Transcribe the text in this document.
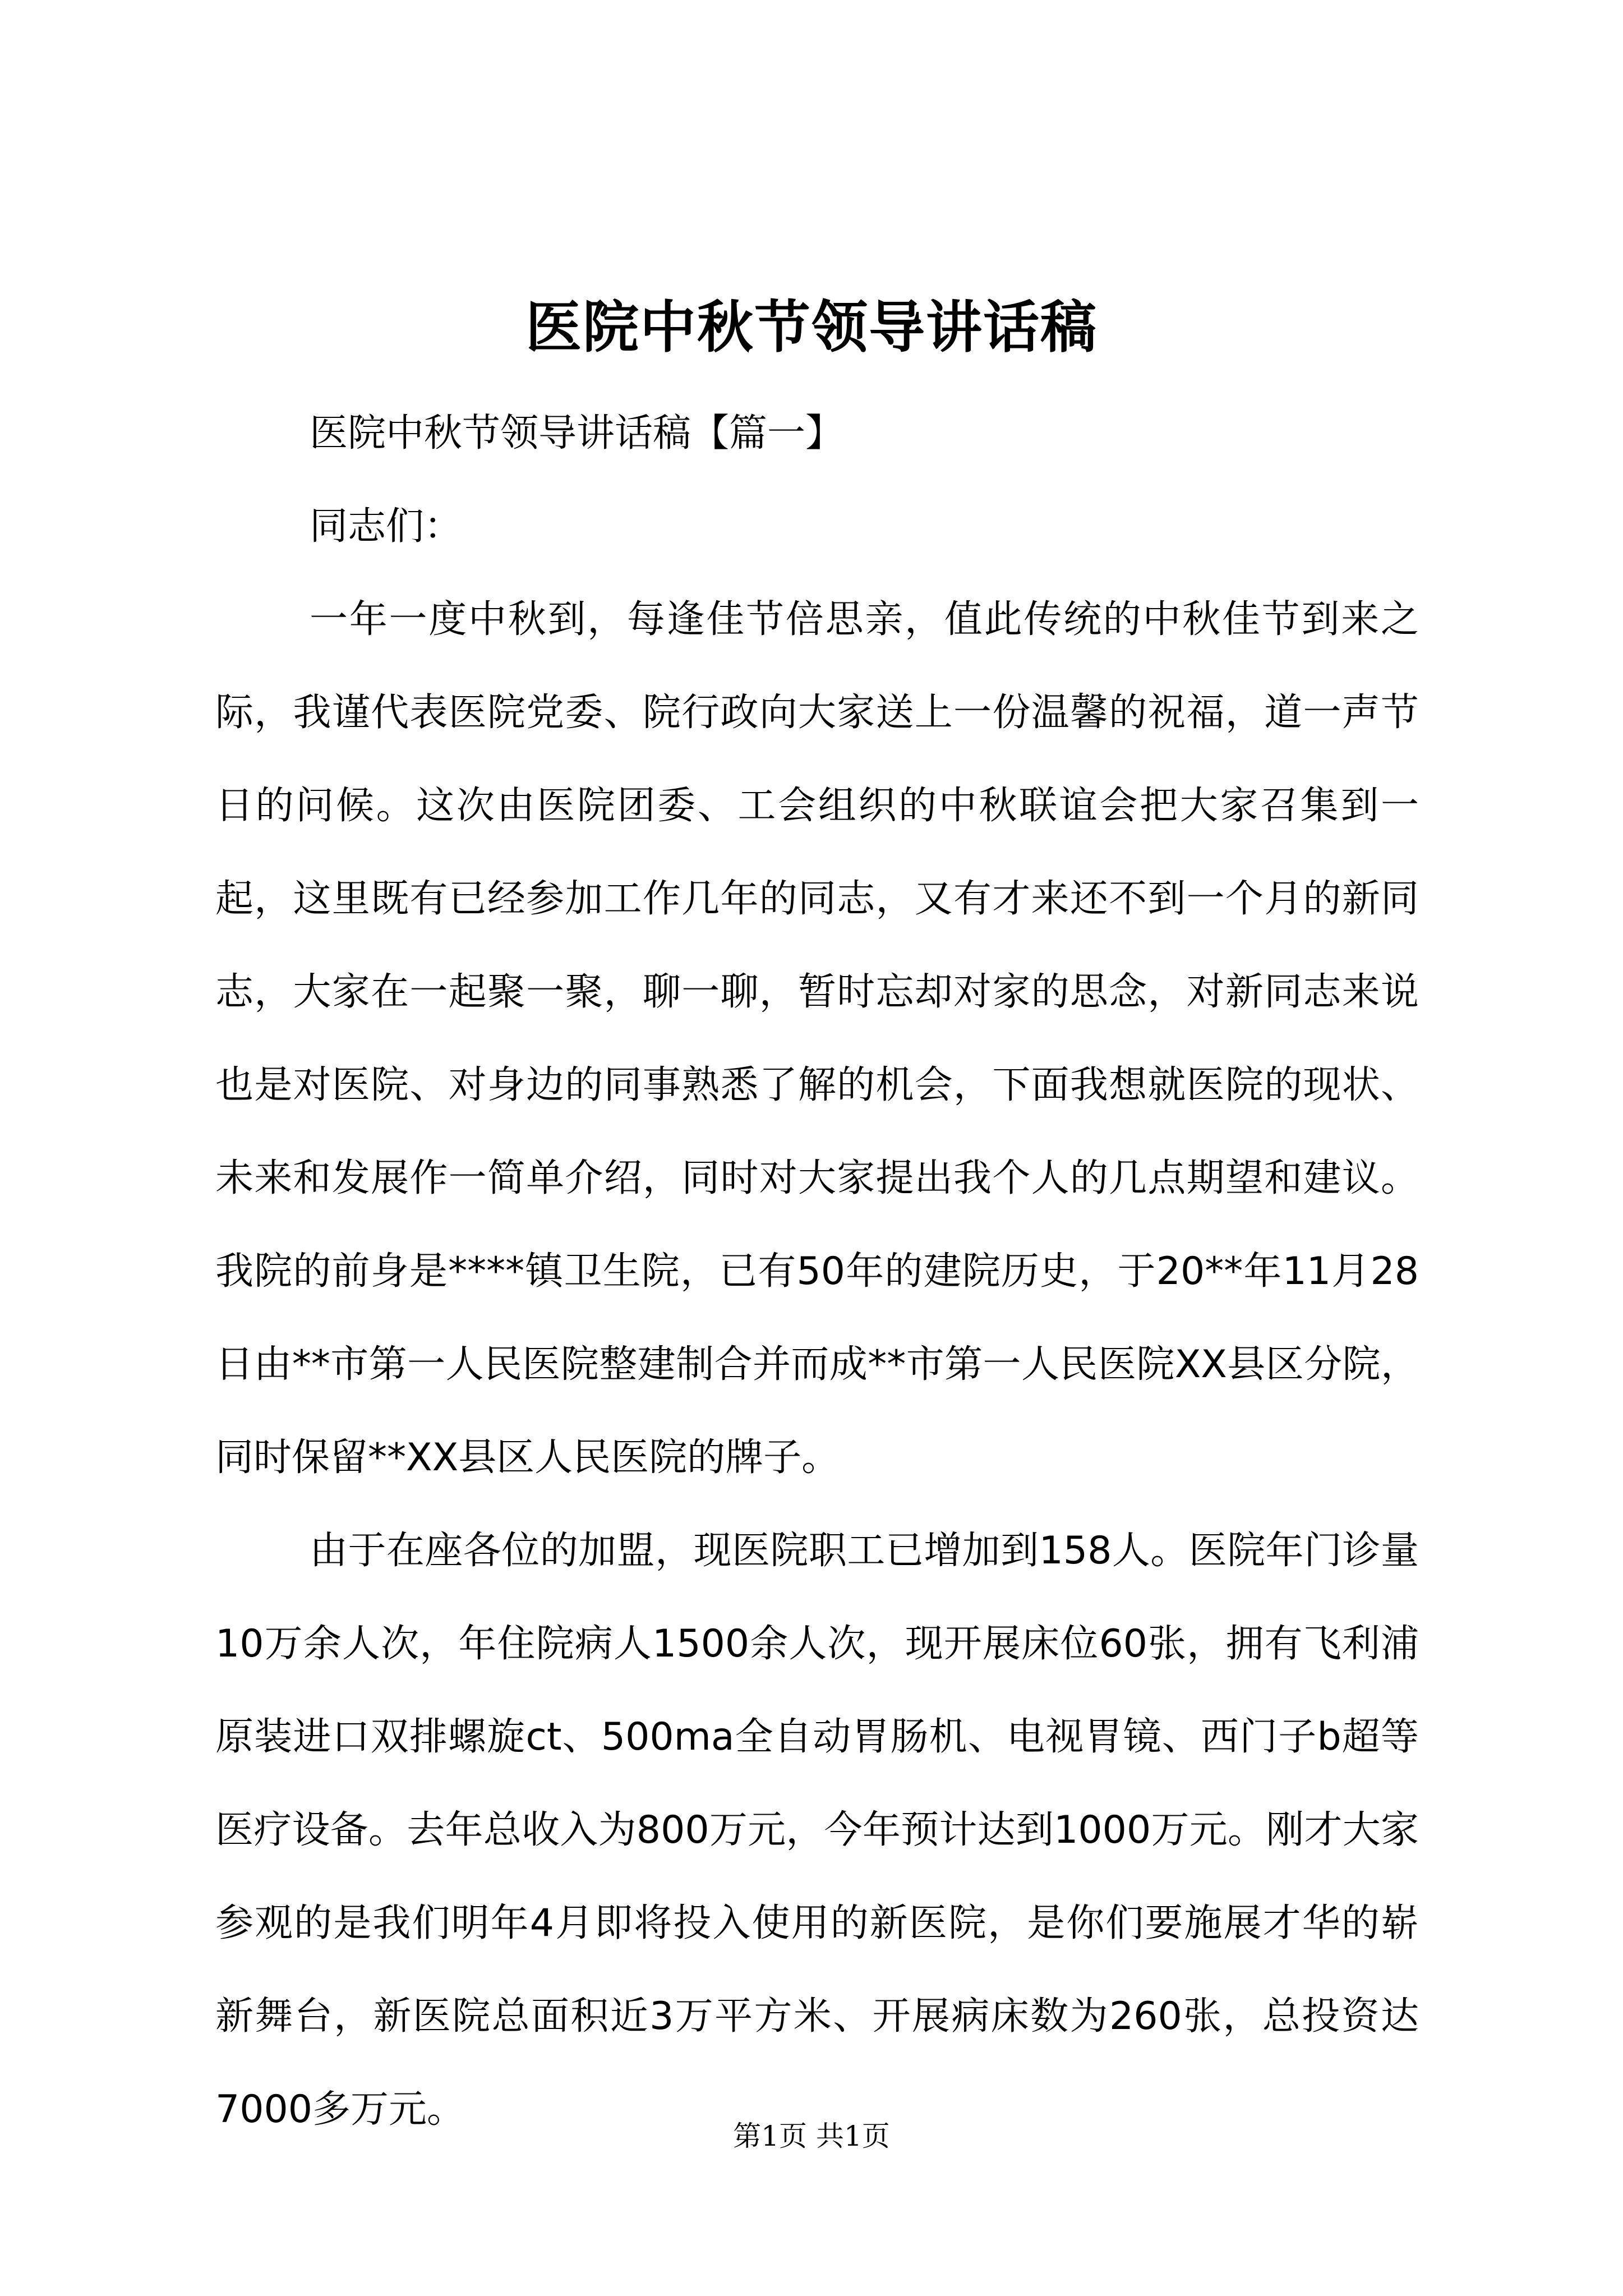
医院中秋节领导讲话稿

医院中秋节领导讲话稿【篇一】

同志们：

一年一度中秋到，每逢佳节倍思亲，值此传统的中秋佳节到来之际，我谨代表医院党委、院行政向大家送上一份温馨的祝福，道一声节日的问候。这次由医院团委、工会组织的中秋联谊会把大家召集到一起，这里既有已经参加工作几年的同志，又有才来还不到一个月的新同志，大家在一起聚一聚，聊一聊，暂时忘却对家的思念，对新同志来说也是对医院、对身边的同事熟悉了解的机会，下面我想就医院的现状、未来和发展作一简单介绍，同时对大家提出我个人的几点期望和建议。我院的前身是****镇卫生院，已有50年的建院历史，于20**年11月28日由**市第一人民医院整建制合并而成**市第一人民医院XX县区分院，同时保留**XX县区人民医院的牌子。

由于在座各位的加盟，现医院职工已增加到158人。医院年门诊量10万余人次，年住院病人1500余人次，现开展床位60张，拥有飞利浦原装进口双排螺旋ct、500ma全自动胃肠机、电视胃镜、西门子b超等医疗设备。去年总收入为800万元，今年预计达到1000万元。刚才大家参观的是我们明年4月即将投入使用的新医院，是你们要施展才华的崭新舞台，新医院总面积近3万平方米、开展病床数为260张，总投资达7000多万元。

第1页 共1页
